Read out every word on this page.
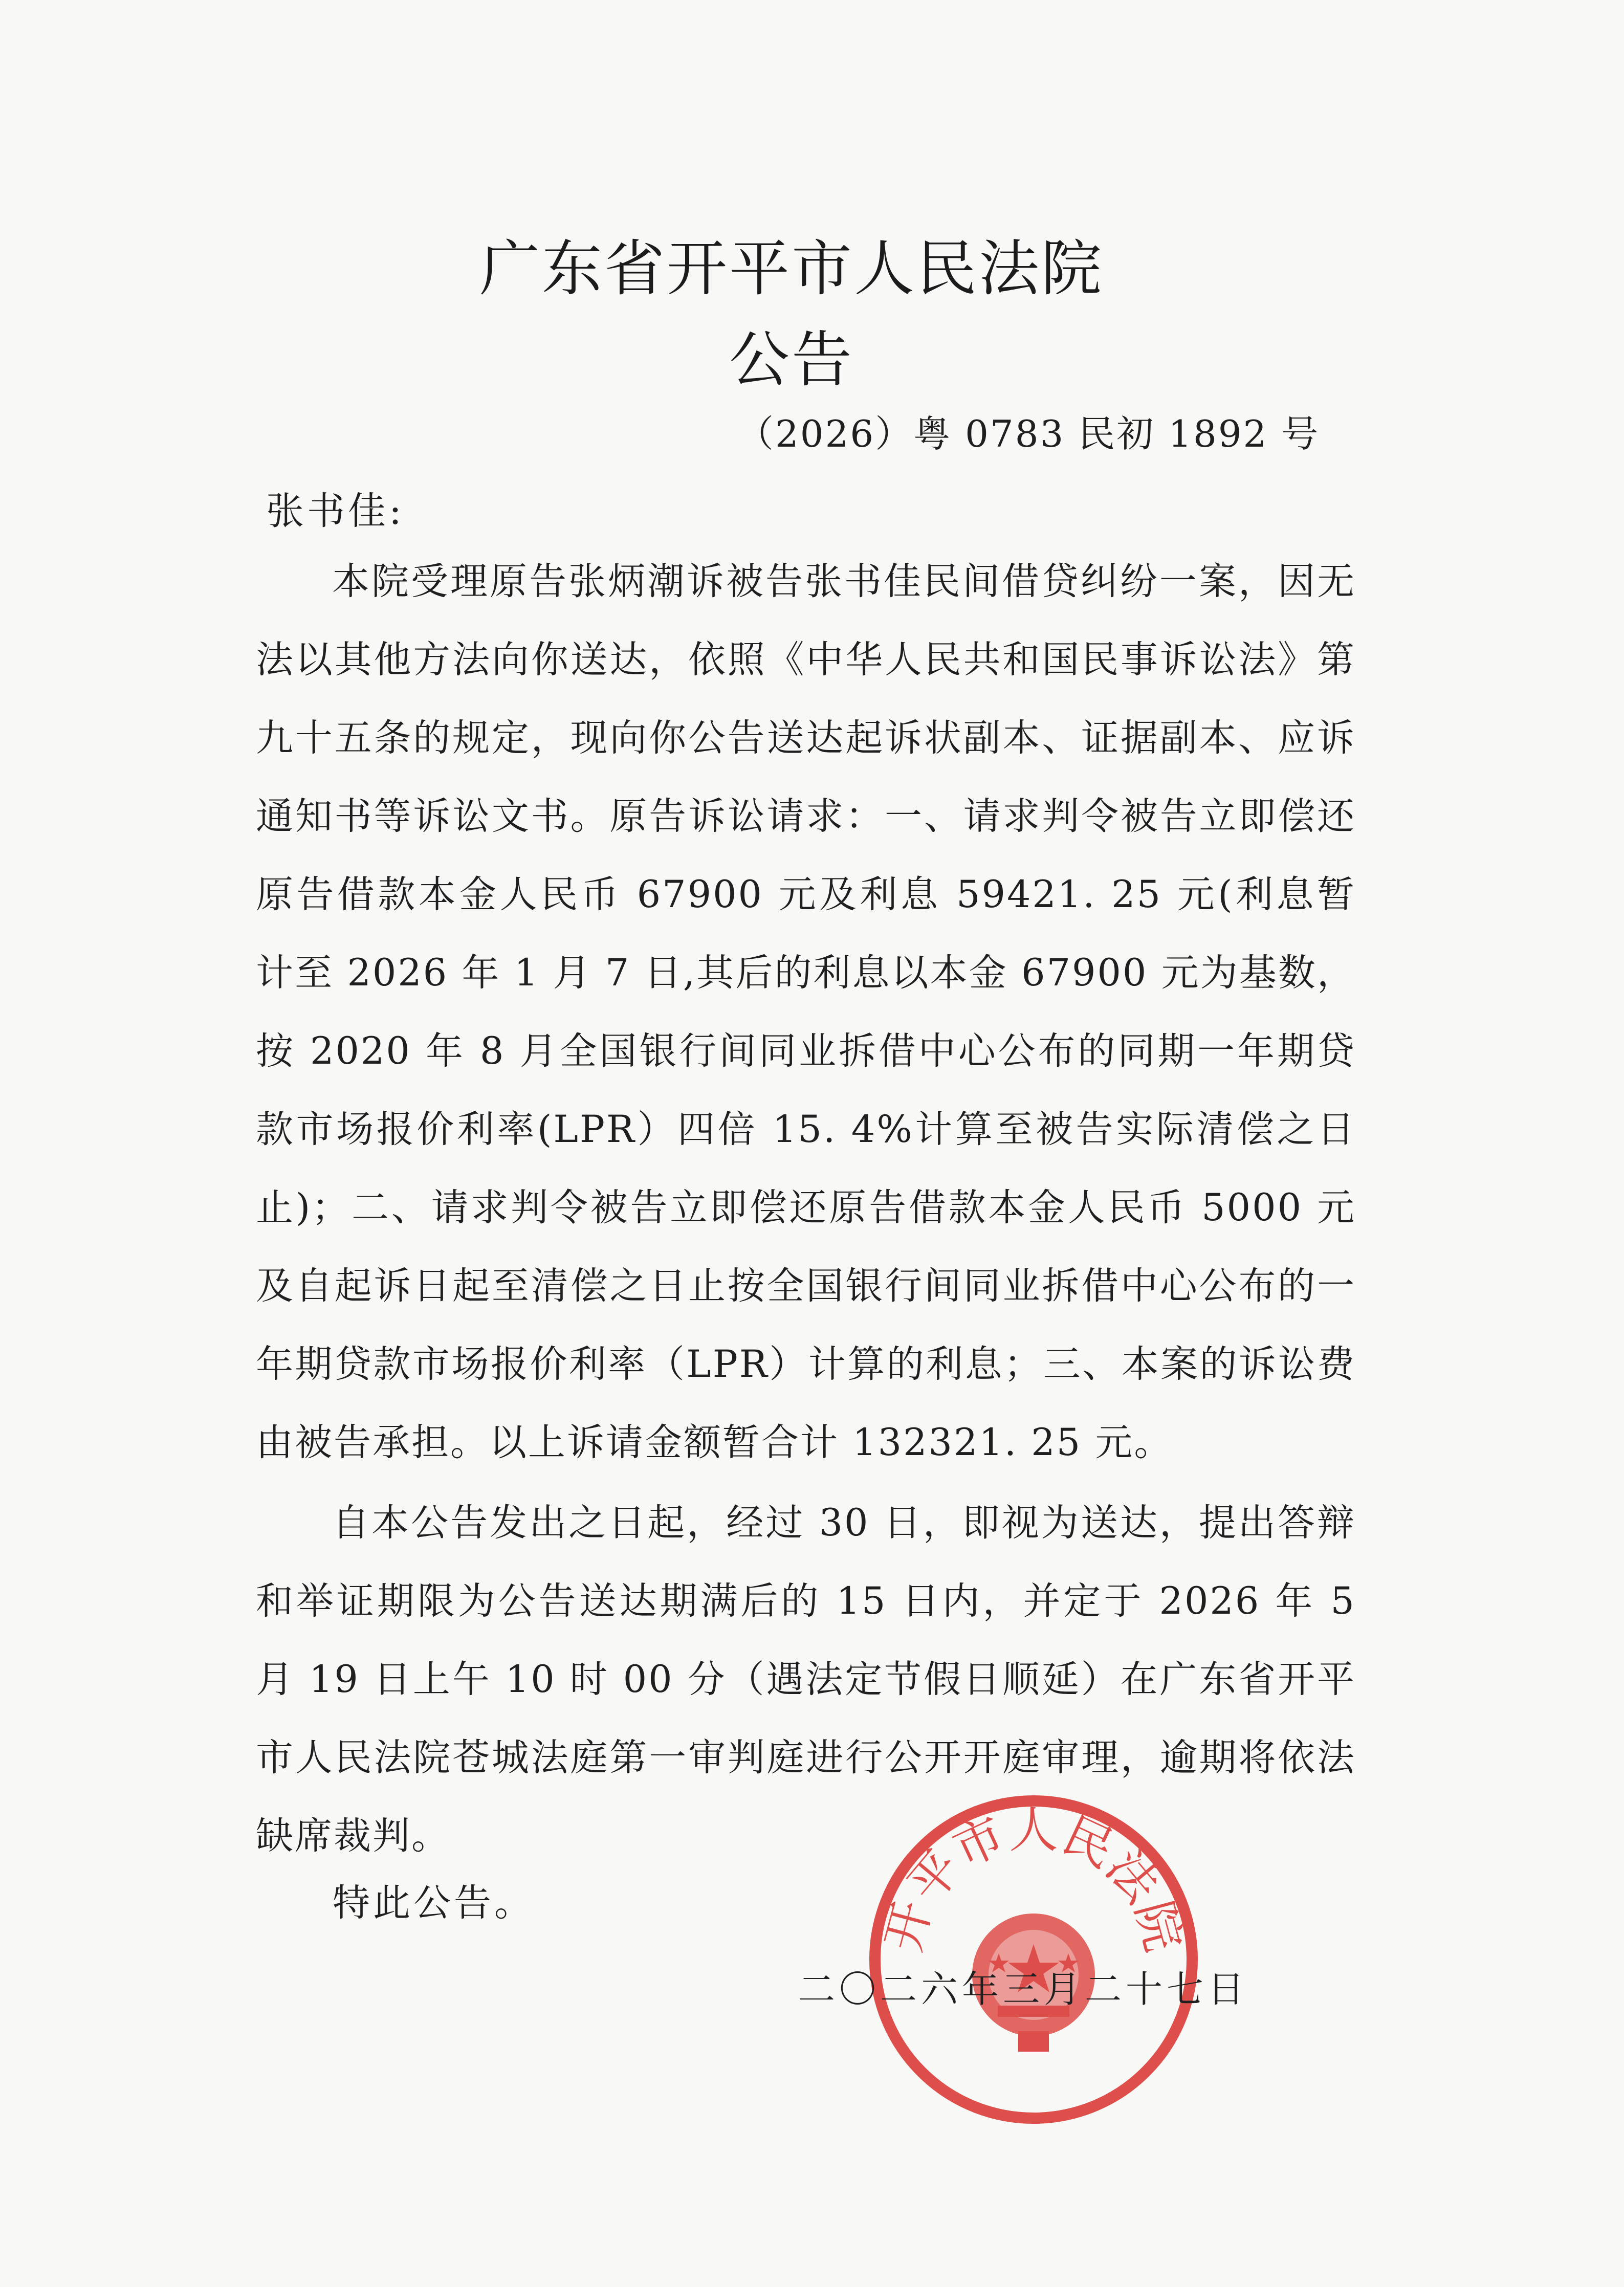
广东省开平市人民法院
公告
（2026）粤 0783 民初 1892 号
张书佳:

本院受理原告张炳潮诉被告张书佳民间借贷纠纷一案，因无法以其他方法向你送达，依照《中华人民共和国民事诉讼法》第九十五条的规定，现向你公告送达起诉状副本、证据副本、应诉通知书等诉讼文书。原告诉讼请求：一、请求判令被告立即偿还原告借款本金人民币 67900 元及利息 59421. 25 元(利息暂计至 2026 年 1 月 7 日,其后的利息以本金 67900 元为基数，按 2020 年 8 月全国银行间同业拆借中心公布的同期一年期贷款市场报价利率(LPR）四倍 15. 4%计算至被告实际清偿之日止)；二、请求判令被告立即偿还原告借款本金人民币 5000 元及自起诉日起至清偿之日止按全国银行间同业拆借中心公布的一年期贷款市场报价利率（LPR）计算的利息；三、本案的诉讼费由被告承担。以上诉请金额暂合计 132321. 25 元。

自本公告发出之日起，经过 30 日，即视为送达，提出答辩和举证期限为公告送达期满后的 15 日内，并定于 2026 年 5 月 19 日上午 10 时 00 分（遇法定节假日顺延）在广东省开平市人民法院苍城法庭第一审判庭进行公开开庭审理，逾期将依法缺席裁判。

特此公告。	开平市人民法院
二〇二六年三月二十七日
